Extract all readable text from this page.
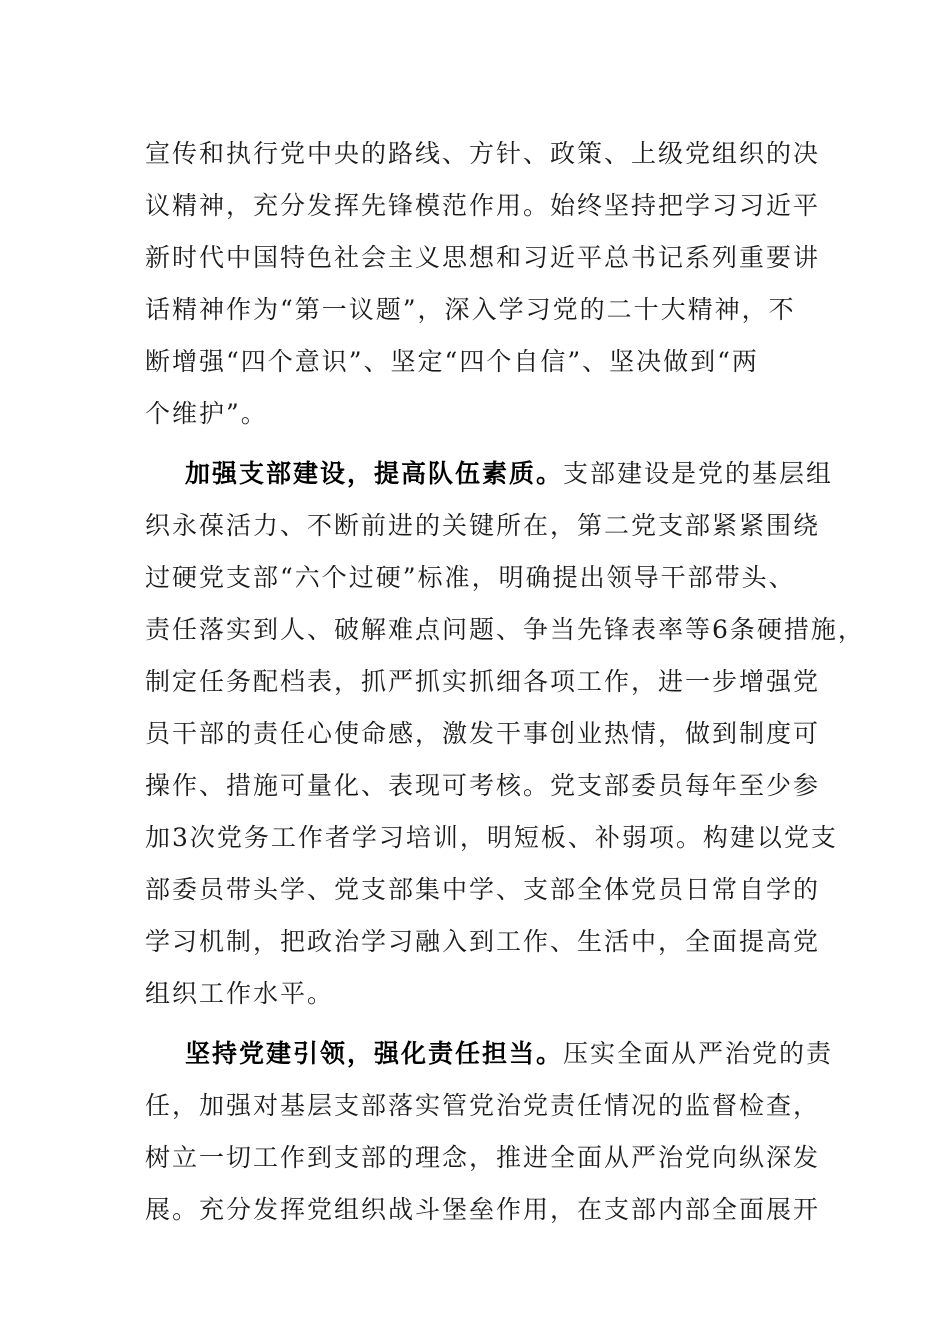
宣传和执行党中央的路线、方针、政策、上级党组织的决
议精神，充分发挥先锋模范作用。始终坚持把学习习近平
新时代中国特色社会主义思想和习近平总书记系列重要讲
话精神作为“第一议题”，深入学习党的二十大精神，不
断增强“四个意识”、坚定“四个自信”、坚决做到“两
个维护”。
加强支部建设，提高队伍素质。支部建设是党的基层组
织永葆活力、不断前进的关键所在，第二党支部紧紧围绕
过硬党支部“六个过硬”标准，明确提出领导干部带头、
责任落实到人、破解难点问题、争当先锋表率等6条硬措施，
制定任务配档表，抓严抓实抓细各项工作，进一步增强党
员干部的责任心使命感，激发干事创业热情，做到制度可
操作、措施可量化、表现可考核。党支部委员每年至少参
加3次党务工作者学习培训，明短板、补弱项。构建以党支
部委员带头学、党支部集中学、支部全体党员日常自学的
学习机制，把政治学习融入到工作、生活中，全面提高党
组织工作水平。
坚持党建引领，强化责任担当。压实全面从严治党的责
任，加强对基层支部落实管党治党责任情况的监督检查，
树立一切工作到支部的理念，推进全面从严治党向纵深发
展。充分发挥党组织战斗堡垒作用，在支部内部全面展开
